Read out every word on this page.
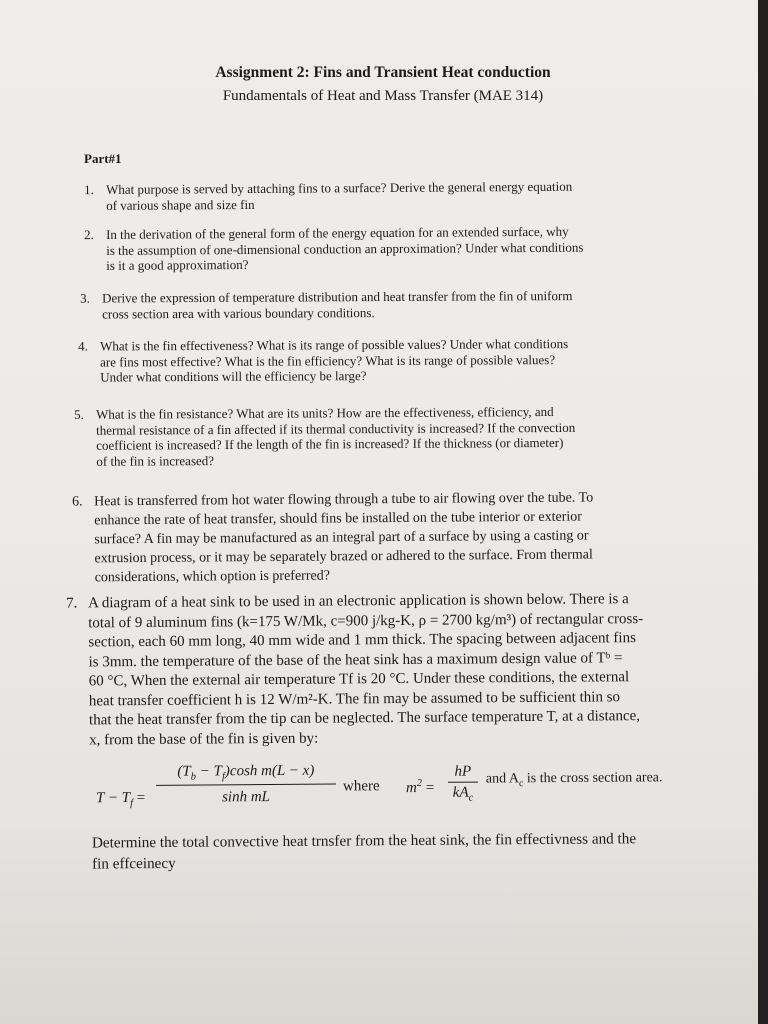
Assignment 2: Fins and Transient Heat conduction
Fundamentals of Heat and Mass Transfer (MAE 314)
Part#1
1. What purpose is served by attaching fins to a surface? Derive the general energy equation
of various shape and size fin
2. In the derivation of the general form of the energy equation for an extended surface, why
is the assumption of one-dimensional conduction an approximation? Under what conditions
is it a good approximation?
3. Derive the expression of temperature distribution and heat transfer from the fin of uniform
cross section area with various boundary conditions.
4. What is the fin effectiveness? What is its range of possible values? Under what conditions
are fins most effective? What is the fin efficiency? What is its range of possible values?
Under what conditions will the efficiency be large?
5. What is the fin resistance? What are its units? How are the effectiveness, efficiency, and
thermal resistance of a fin affected if its thermal conductivity is increased? If the convection
coefficient is increased? If the length of the fin is increased? If the thickness (or diameter)
of the fin is increased?
6. Heat is transferred from hot water flowing through a tube to air flowing over the tube. To
enhance the rate of heat transfer, should fins be installed on the tube interior or exterior
surface? A fin may be manufactured as an integral part of a surface by using a casting or
extrusion process, or it may be separately brazed or adhered to the surface. From thermal
considerations, which option is preferred?
7. A diagram of a heat sink to be used in an electronic application is shown below. There is a
total of 9 aluminum fins (k=175 W/Mk, c=900 j/kg-K, ρ = 2700 kg/m³) of rectangular cross-
section, each 60 mm long, 40 mm wide and 1 mm thick. The spacing between adjacent fins
is 3mm. the temperature of the base of the heat sink has a maximum design value of Tᵇ =
60 °C, When the external air temperature Tf is 20 °C. Under these conditions, the external
heat transfer coefficient h is 12 W/m²-K. The fin may be assumed to be sufficient thin so
that the heat transfer from the tip can be neglected. The surface temperature T, at a distance,
x, from the base of the fin is given by:
$T - T_f = \frac{(T_b - T_f)\cosh m(L - x)}{\text{sinh mL}}$ where $m^2$ =
hP
$kA_c$
and $A_c$ is the cross section area.
Determine the total convective heat trnsfer from the heat sink, the fin effectivness and the
fin effceinecy
